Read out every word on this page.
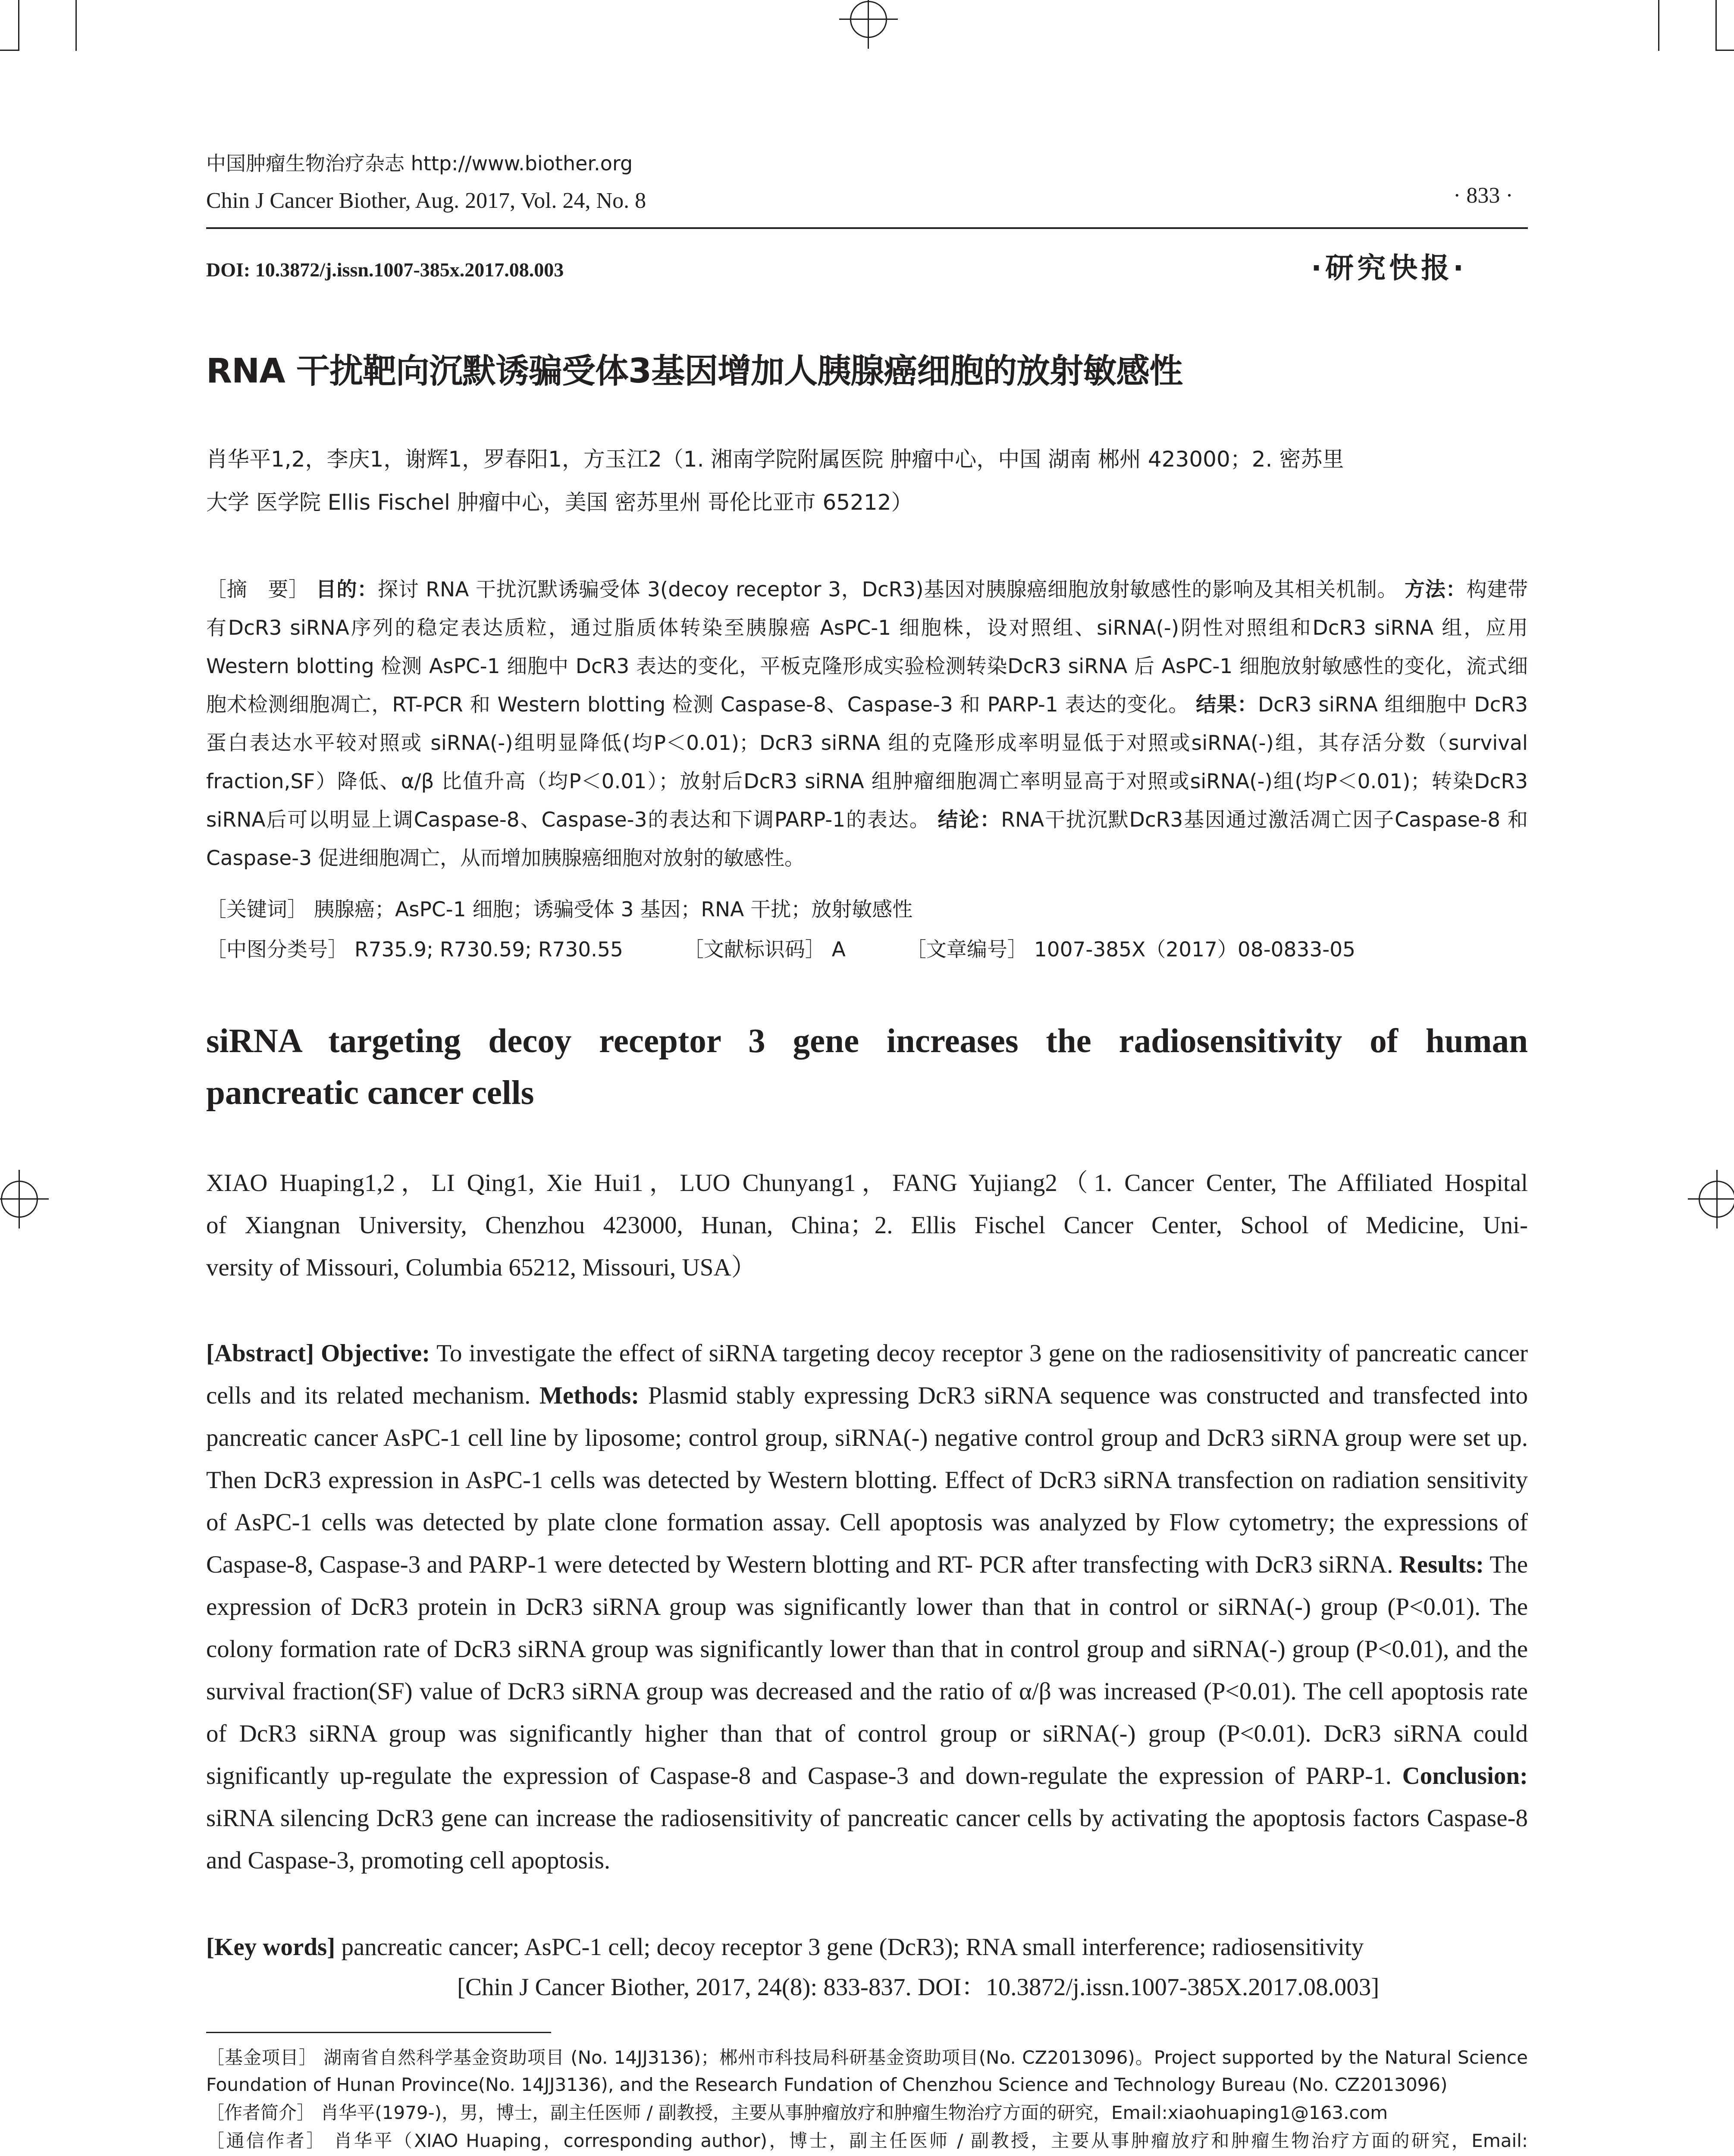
中国肿瘤生物治疗杂志 http://www.biother.org
Chin J Cancer Biother, Aug. 2017, Vol. 24, No. 8	· 833 ·
DOI: 10.3872/j.issn.1007-385x.2017.08.003	·研究快报·
RNA 干扰靶向沉默诱骗受体3基因增加人胰腺癌细胞的放射敏感性
肖华平1,2，李庆1，谢辉1，罗春阳1，方玉江2（1. 湘南学院附属医院 肿瘤中心，中国 湖南 郴州 423000；2. 密苏里
大学 医学院 Ellis Fischel 肿瘤中心，美国 密苏里州 哥伦比亚市 65212）
［摘　要］ 目的：探讨 RNA 干扰沉默诱骗受体 3(decoy receptor 3，DcR3)基因对胰腺癌细胞放射敏感性的影响及其相关机制。 方法：构建带有DcR3 siRNA序列的稳定表达质粒，通过脂质体转染至胰腺癌 AsPC-1 细胞株，设对照组、siRNA(-)阴性对照组和DcR3 siRNA 组，应用 Western blotting 检测 AsPC-1 细胞中 DcR3 表达的变化，平板克隆形成实验检测转染DcR3 siRNA 后 AsPC-1 细胞放射敏感性的变化，流式细胞术检测细胞凋亡，RT-PCR 和 Western blotting 检测 Caspase-8、Caspase-3 和 PARP-1 表达的变化。 结果：DcR3 siRNA 组细胞中 DcR3 蛋白表达水平较对照或 siRNA(-)组明显降低(均P＜0.01)；DcR3 siRNA 组的克隆形成率明显低于对照或siRNA(-)组，其存活分数（survival fraction,SF）降低、α/β 比值升高（均P＜0.01）；放射后DcR3 siRNA 组肿瘤细胞凋亡率明显高于对照或siRNA(-)组(均P＜0.01)；转染DcR3 siRNA后可以明显上调Caspase-8、Caspase-3的表达和下调PARP-1的表达。 结论：RNA干扰沉默DcR3基因通过激活凋亡因子Caspase-8 和Caspase-3 促进细胞凋亡，从而增加胰腺癌细胞对放射的敏感性。
［关键词］ 胰腺癌；AsPC-1 细胞；诱骗受体 3 基因；RNA 干扰；放射敏感性
［中图分类号］ R735.9; R730.59; R730.55	［文献标识码］ A	［文章编号］ 1007-385X（2017）08-0833-05
siRNA targeting decoy receptor 3 gene increases the radiosensitivity of human
pancreatic cancer cells
XIAO Huaping1,2，LI Qing1, Xie Hui1，LUO Chunyang1，FANG Yujiang2（1. Cancer Center, The Affiliated Hospital
of Xiangnan University, Chenzhou 423000, Hunan, China；2. Ellis Fischel Cancer Center, School of Medicine, Uni-
versity of Missouri, Columbia 65212, Missouri, USA）
[Abstract] Objective: To investigate the effect of siRNA targeting decoy receptor 3 gene on the radiosensitivity of pancreatic cancer cells and its related mechanism. Methods: Plasmid stably expressing DcR3 siRNA sequence was constructed and transfected into pancreatic cancer AsPC-1 cell line by liposome; control group, siRNA(-) negative control group and DcR3 siRNA group were set up. Then DcR3 expression in AsPC-1 cells was detected by Western blotting. Effect of DcR3 siRNA transfection on radiation sensitivity of AsPC-1 cells was detected by plate clone formation assay. Cell apoptosis was analyzed by Flow cytometry; the expressions of Caspase-8, Caspase-3 and PARP-1 were detected by Western blotting and RT- PCR after transfecting with DcR3 siRNA. Results: The expression of DcR3 protein in DcR3 siRNA group was significantly lower than that in control or siRNA(-) group (P<0.01). The colony formation rate of DcR3 siRNA group was significantly lower than that in control group and siRNA(-) group (P<0.01), and the survival fraction(SF) value of DcR3 siRNA group was decreased and the ratio of α/β was increased (P<0.01). The cell apoptosis rate of DcR3 siRNA group was significantly higher than that of control group or siRNA(-) group (P<0.01). DcR3 siRNA could significantly up-regulate the expression of Caspase-8 and Caspase-3 and down-regulate the expression of PARP-1. Conclusion: siRNA silencing DcR3 gene can increase the radiosensitivity of pancreatic cancer cells by activating the apoptosis factors Caspase-8 and Caspase-3, promoting cell apoptosis.
[Key words] pancreatic cancer; AsPC-1 cell; decoy receptor 3 gene (DcR3); RNA small interference; radiosensitivity
[Chin J Cancer Biother, 2017, 24(8): 833-837. DOI：10.3872/j.issn.1007-385X.2017.08.003]
［基金项目］ 湖南省自然科学基金资助项目 (No. 14JJ3136)；郴州市科技局科研基金资助项目(No. CZ2013096)。Project supported by the Natural Science Foundation of Hunan Province(No. 14JJ3136), and the Research Fundation of Chenzhou Science and Technology Bureau (No. CZ2013096)
［作者简介］ 肖华平(1979-)，男，博士，副主任医师 / 副教授，主要从事肿瘤放疗和肿瘤生物治疗方面的研究，Email:xiaohuaping1@163.com
［通信作者］ 肖华平（XIAO Huaping，corresponding author)，博士，副主任医师 / 副教授，主要从事肿瘤放疗和肿瘤生物治疗方面的研究，Email:
